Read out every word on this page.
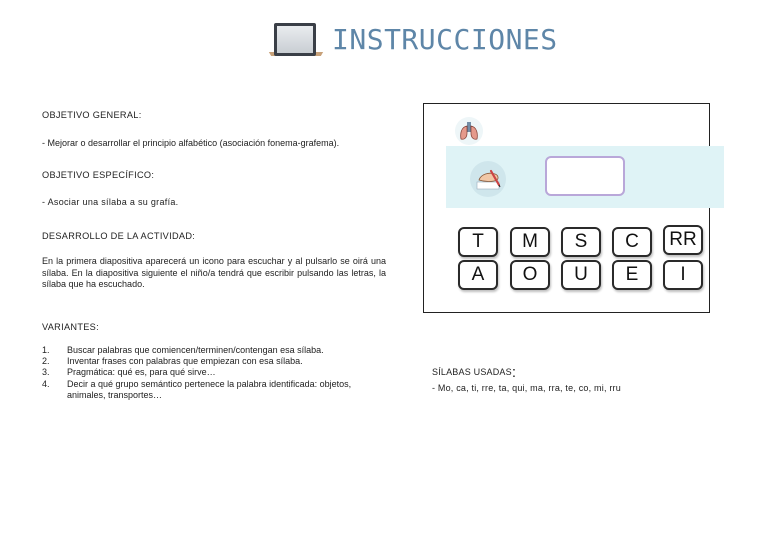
INSTRUCCIONES
OBJETIVO GENERAL:
- Mejorar o desarrollar el principio alfabético (asociación fonema-grafema).
OBJETIVO ESPECÍFICO:
- Asociar una sílaba a su grafía.
DESARROLLO DE LA ACTIVIDAD:
En la primera diapositiva aparecerá un icono para escuchar y al pulsarlo se oirá una sílaba. En la diapositiva siguiente el niño/a tendrá que escribir pulsando las letras, la sílaba que ha escuchado.
VARIANTES:
1.	Buscar palabras que comiencen/terminen/contengan esa sílaba.
2.	Inventar frases con palabras que empiezan con esa sílaba.
3.	Pragmática: qué es, para qué sirve…
4.	Decir a qué grupo semántico pertenece la palabra identificada: objetos, animales, transportes…
T	M	S	C	RR
A	O	U	E	I
SÍLABAS USADAS:
- Mo, ca, ti, rre, ta, qui, ma, rra, te, co, mi, rru
